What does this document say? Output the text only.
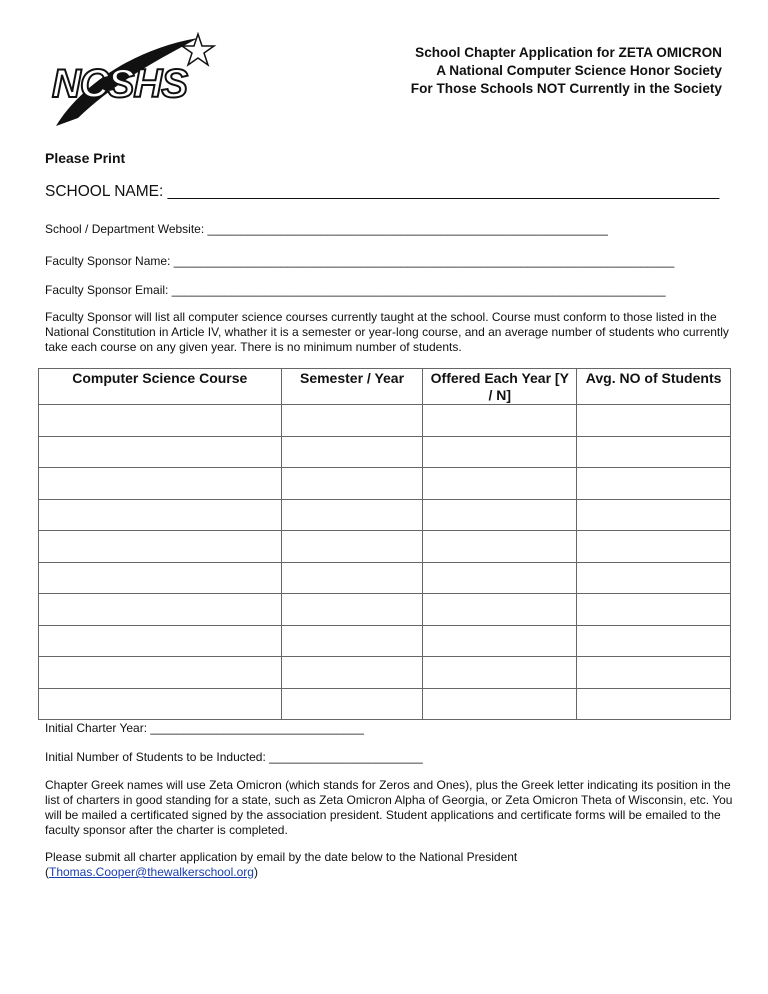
NCSHS
School Chapter Application for ZETA OMICRON
A National Computer Science Honor Society
For Those Schools NOT Currently in the Society
Please Print
SCHOOL NAME: ________________________________________________________________
School / Department Website: ____________________________________________________________
Faculty Sponsor Name: ___________________________________________________________________________
Faculty Sponsor Email: __________________________________________________________________________
Faculty Sponsor will list all computer science courses currently taught at the school. Course must conform to those listed in the National Constitution in Article IV, whather it is a semester or year-long course, and an average number of students who currently take each course on any given year. There is no minimum number of students.
Computer Science Course	Semester / Year	Offered Each Year [Y / N]	Avg. NO of Students

Initial Charter Year: ________________________________
Initial Number of Students to be Inducted: _______________________
Chapter Greek names will use Zeta Omicron (which stands for Zeros and Ones), plus the Greek letter indicating its position in the list of charters in good standing for a state, such as Zeta Omicron Alpha of Georgia, or Zeta Omicron Theta of Wisconsin, etc. You will be mailed a certificated signed by the association president. Student applications and certificate forms will be emailed to the faculty sponsor after the charter is completed.
Please submit all charter application by email by the date below to the National President
(Thomas.Cooper@thewalkerschool.org)
